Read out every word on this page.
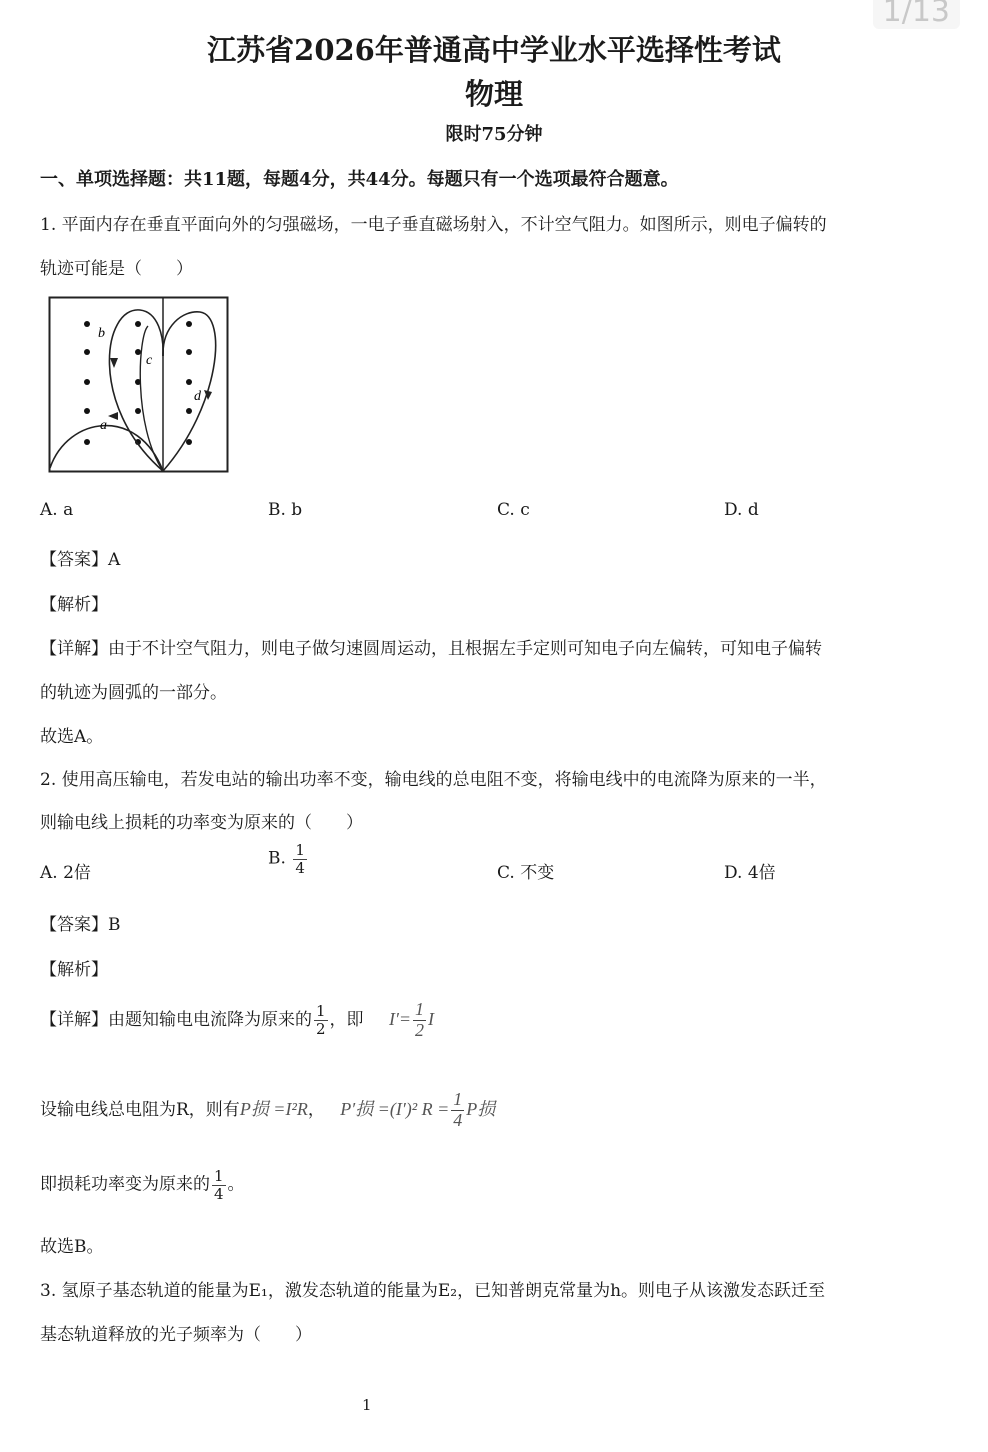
1/13
江苏省2026年普通高中学业水平选择性考试
物理
限时75分钟
一、单项选择题：共11题，每题4分，共44分。每题只有一个选项最符合题意。
1. 平面内存在垂直平面向外的匀强磁场，一电子垂直磁场射入，不计空气阻力。如图所示，则电子偏转的
轨迹可能是（　　）
b
c
d
a
A. a	B. b	C. c	D. d
【答案】A
【解析】
【详解】由于不计空气阻力，则电子做匀速圆周运动，且根据左手定则可知电子向左偏转，可知电子偏转
的轨迹为圆弧的一部分。
故选A。
2. 使用高压输电，若发电站的输出功率不变，输电线的总电阻不变，将输电线中的电流降为原来的一半，
则输电线上损耗的功率变为原来的（　　）
A. 2倍
B. $\frac{1}{4}$	C. 不变	D. 4倍
【答案】B
【解析】
【详解】由题知输电电流降为原来的 $\frac{1}{2}$ ，即 $I'= \frac{1}{2}$ I
设输电线总电阻为R，则有P损 =I²R， P′损 =(I′)² $R = \frac{1}{4}$ P损
即损耗功率变为原来的 $\frac{1}{4}$ 。
故选B。
3. 氢原子基态轨道的能量为E₁，激发态轨道的能量为E₂，已知普朗克常量为h。则电子从该激发态跃迁至
基态轨道释放的光子频率为（　　）
1
